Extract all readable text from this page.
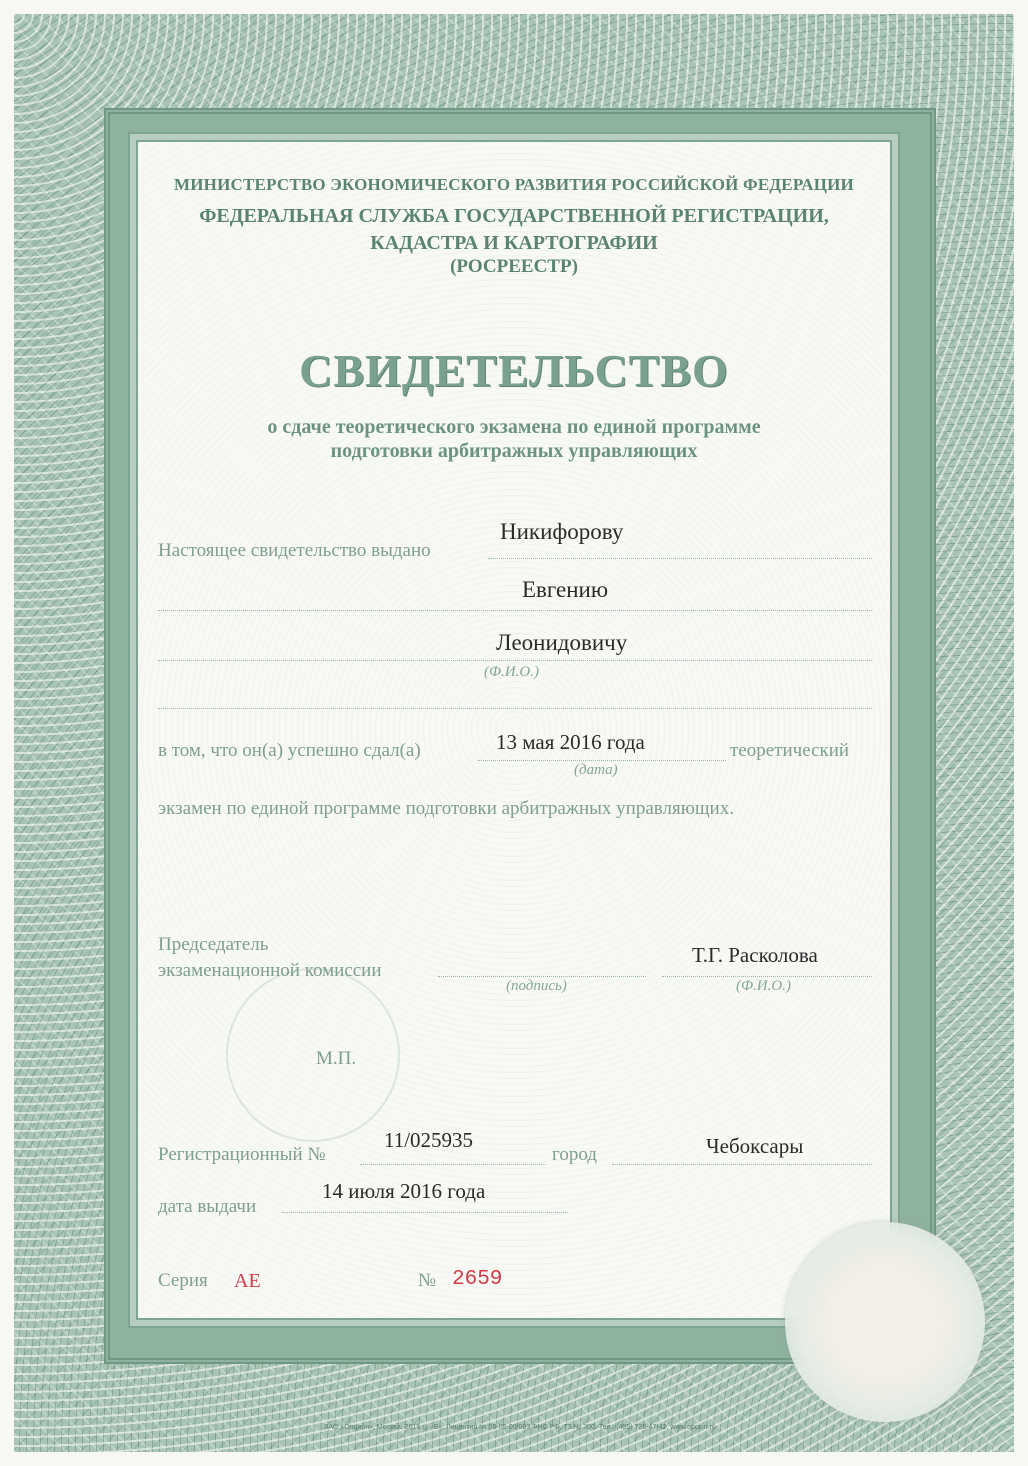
МИНИСТЕРСТВО ЭКОНОМИЧЕСКОГО РАЗВИТИЯ РОССИЙСКОЙ ФЕДЕРАЦИИ
ФЕДЕРАЛЬНАЯ СЛУЖБА ГОСУДАРСТВЕННОЙ РЕГИСТРАЦИИ,
КАДАСТРА И КАРТОГРАФИИ
(РОСРЕЕСТР)
СВИДЕТЕЛЬСТВО
о сдаче теоретического экзамена по единой программе
подготовки арбитражных управляющих
Настоящее свидетельство выдано
Никифорову
Евгению
Леонидовичу
(Ф.И.О.)
в том, что он(а) успешно сдал(а)	13 мая 2016 года
(дата)
теоретический
экзамен по единой программе подготовки арбитражных управляющих.
Председатель
экзаменационной комиссии
(подпись)
Т.Г. Расколова
(Ф.И.О.)
М.П.
Регистрационный №
11/025935
город	Чебоксары
дата выдачи
14 июля 2016 года
Серия АЕ	№ 2659
ЗАО «Опцион», Москва, 2015 г., «В». Лицензия № 05-05-09/003 ФНС РФ, ТЗ № 200. Тел.: (495) 726-47-42, www.opcion.ru
